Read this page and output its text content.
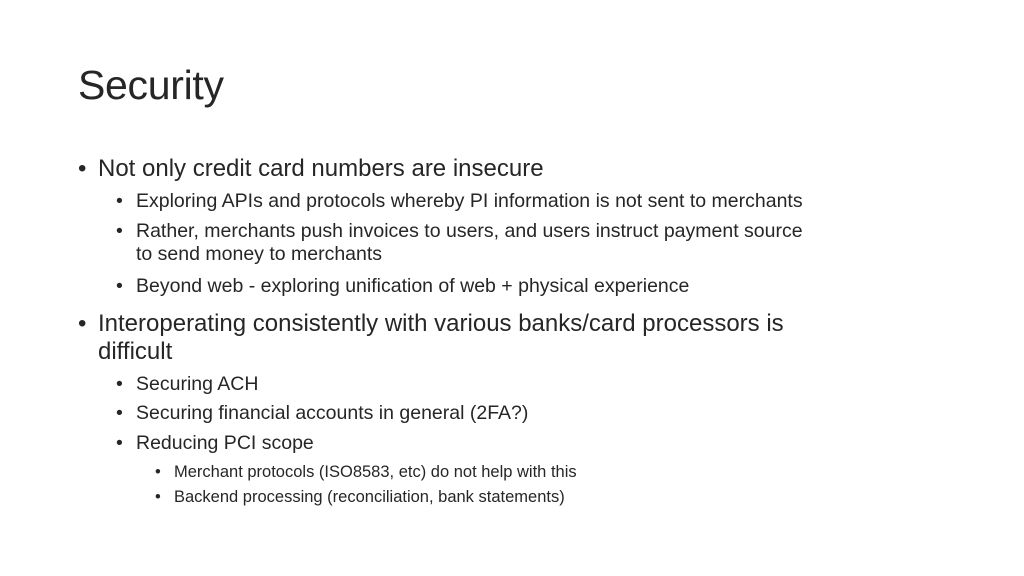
Security
• Not only credit card numbers are insecure
• Exploring APIs and protocols whereby PI information is not sent to merchants
• Rather, merchants push invoices to users, and users instruct payment source
to send money to merchants
• Beyond web - exploring unification of web + physical experience
• Interoperating consistently with various banks/card processors is
difficult
• Securing ACH
• Securing financial accounts in general (2FA?)
• Reducing PCI scope
• Merchant protocols (ISO8583, etc) do not help with this
• Backend processing (reconciliation, bank statements)
